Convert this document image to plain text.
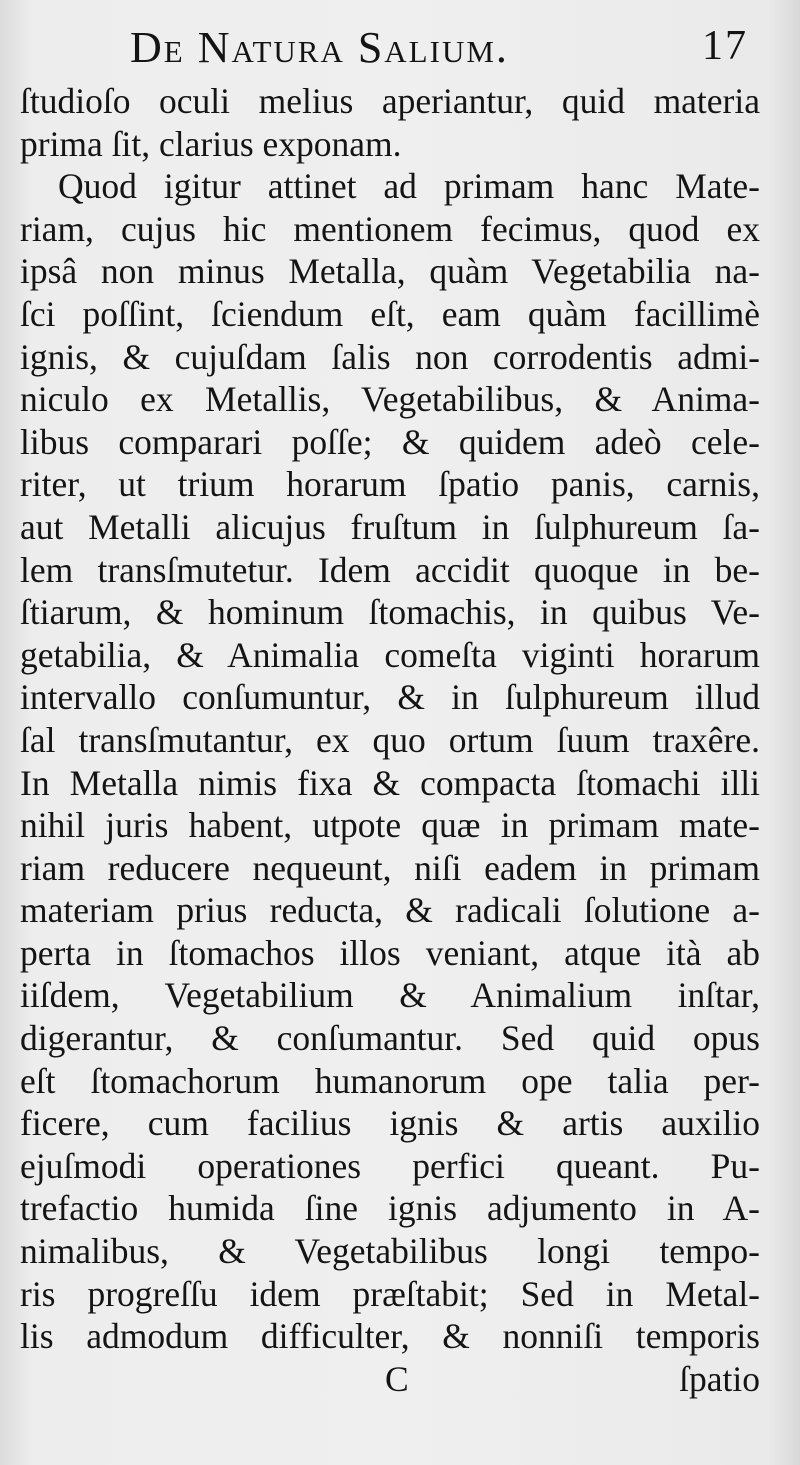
De Natura Salium.	17
ſtudioſo oculi melius aperiantur, quid materia
prima ſit, clarius exponam.
Quod igitur attinet ad primam hanc Mate-
riam, cujus hic mentionem fecimus, quod ex
ipsâ non minus Metalla, quàm Vegetabilia na-
ſci poſſint, ſciendum eſt, eam quàm facillimè
ignis, & cujuſdam ſalis non corrodentis admi-
niculo ex Metallis, Vegetabilibus, & Anima-
libus comparari poſſe; & quidem adeò cele-
riter, ut trium horarum ſpatio panis, carnis,
aut Metalli alicujus fruſtum in ſulphureum ſa-
lem transſmutetur. Idem accidit quoque in be-
ſtiarum, & hominum ſtomachis, in quibus Ve-
getabilia, & Animalia comeſta viginti horarum
intervallo conſumuntur, & in ſulphureum illud
ſal transſmutantur, ex quo ortum ſuum traxêre.
In Metalla nimis fixa & compacta ſtomachi illi
nihil juris habent, utpote quæ in primam mate-
riam reducere nequeunt, niſi eadem in primam
materiam prius reducta, & radicali ſolutione a-
perta in ſtomachos illos veniant, atque ità ab
iiſdem, Vegetabilium & Animalium inſtar,
digerantur, & conſumantur. Sed quid opus
eſt ſtomachorum humanorum ope talia per-
ficere, cum facilius ignis & artis auxilio
ejuſmodi operationes perfici queant. Pu-
trefactio humida ſine ignis adjumento in A-
nimalibus, & Vegetabilibus longi tempo-
ris progreſſu idem præſtabit; Sed in Metal-
lis admodum difficulter, & nonniſi temporis
C	ſpatio
